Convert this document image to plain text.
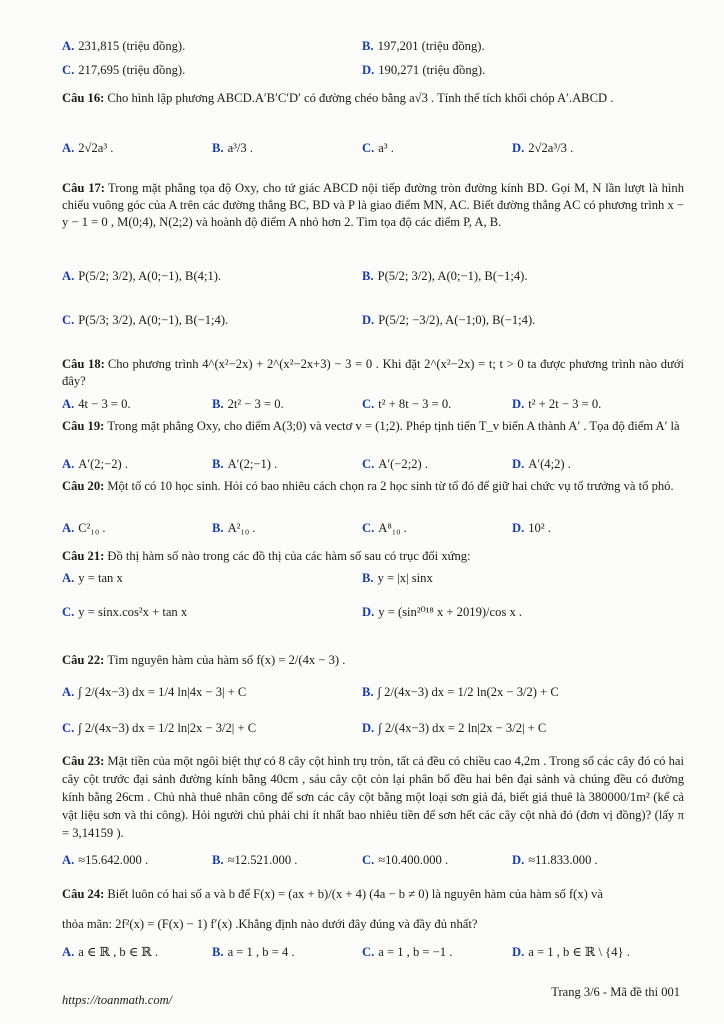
A. 231,815 (triệu đồng).	B. 197,201 (triệu đồng).
C. 217,695 (triệu đồng).	D. 190,271 (triệu đồng).
Câu 16: Cho hình lập phương ABCD.A′B′C′D′ có đường chéo bằng a√3 . Tính thể tích khối chóp A′.ABCD .
A. 2√2a³ .	B. a³/3 .	C. a³ .	D. 2√2a³/3 .
Câu 17: Trong mặt phẳng tọa độ Oxy, cho tứ giác ABCD nội tiếp đường tròn đường kính BD. Gọi M, N lần lượt là hình chiếu vuông góc của A trên các đường thẳng BC, BD và P là giao điểm MN, AC. Biết đường thẳng AC có phương trình x − y − 1 = 0 , M(0;4), N(2;2) và hoành độ điểm A nhỏ hơn 2. Tìm tọa độ các điểm P, A, B.
A. P(5/2; 3/2), A(0;−1), B(4;1).	B. P(5/2; 3/2), A(0;−1), B(−1;4).
C. P(5/3; 3/2), A(0;−1), B(−1;4).	D. P(5/2; −3/2), A(−1;0), B(−1;4).
Câu 18: Cho phương trình 4^(x²−2x) + 2^(x²−2x+3) − 3 = 0 . Khi đặt 2^(x²−2x) = t; t > 0 ta được phương trình nào dưới đây?
A. 4t − 3 = 0.	B. 2t² − 3 = 0.	C. t² + 8t − 3 = 0.	D. t² + 2t − 3 = 0.
Câu 19: Trong mặt phẳng Oxy, cho điểm A(3;0) và vectơ v = (1;2). Phép tịnh tiến T_v biến A thành A′ . Tọa độ điểm A′ là
A. A′(2;−2) .	B. A′(2;−1) .	C. A′(−2;2) .	D. A′(4;2) .
Câu 20: Một tổ có 10 học sinh. Hỏi có bao nhiêu cách chọn ra 2 học sinh từ tổ đó để giữ hai chức vụ tổ trưởng và tổ phó.
A. C²₁₀ .	B. A²₁₀ .	C. A⁸₁₀ .	D. 10² .
Câu 21: Đồ thị hàm số nào trong các đồ thị của các hàm số sau có trục đối xứng:
A. y = tan x	B. y = |x| sinx
C. y = sinx.cos²x + tan x	D. y = (sin²⁰¹⁸ x + 2019)/cos x .
Câu 22: Tìm nguyên hàm của hàm số f(x) = 2/(4x − 3) .
A. ∫ 2/(4x−3) dx = 1/4 ln|4x − 3| + C	B. ∫ 2/(4x−3) dx = 1/2 ln(2x − 3/2) + C
C. ∫ 2/(4x−3) dx = 1/2 ln|2x − 3/2| + C	D. ∫ 2/(4x−3) dx = 2 ln|2x − 3/2| + C
Câu 23: Mặt tiền của một ngôi biệt thự có 8 cây cột hình trụ tròn, tất cả đều có chiều cao 4,2m . Trong số các cây đó có hai cây cột trước đại sảnh đường kính bằng 40cm , sáu cây cột còn lại phân bố đều hai bên đại sảnh và chúng đều có đường kính bằng 26cm . Chủ nhà thuê nhân công để sơn các cây cột bằng một loại sơn giả đá, biết giá thuê là 380000/1m² (kể cả vật liệu sơn và thi công). Hỏi người chủ phải chi ít nhất bao nhiêu tiền để sơn hết các cây cột nhà đó (đơn vị đồng)? (lấy π = 3,14159 ).
A. ≈15.642.000 .	B. ≈12.521.000 .	C. ≈10.400.000 .	D. ≈11.833.000 .
Câu 24: Biết luôn có hai số a và b để F(x) = (ax + b)/(x + 4) (4a − b ≠ 0) là nguyên hàm của hàm số f(x) và
thỏa mãn: 2f²(x) = (F(x) − 1) f′(x) .Khẳng định nào dưới đây đúng và đầy đủ nhất?
A. a ∈ ℝ , b ∈ ℝ .	B. a = 1 , b = 4 .	C. a = 1 , b = −1 .	D. a = 1 , b ∈ ℝ \ {4} .
https://toanmath.com/
Trang 3/6 - Mã đề thi 001
